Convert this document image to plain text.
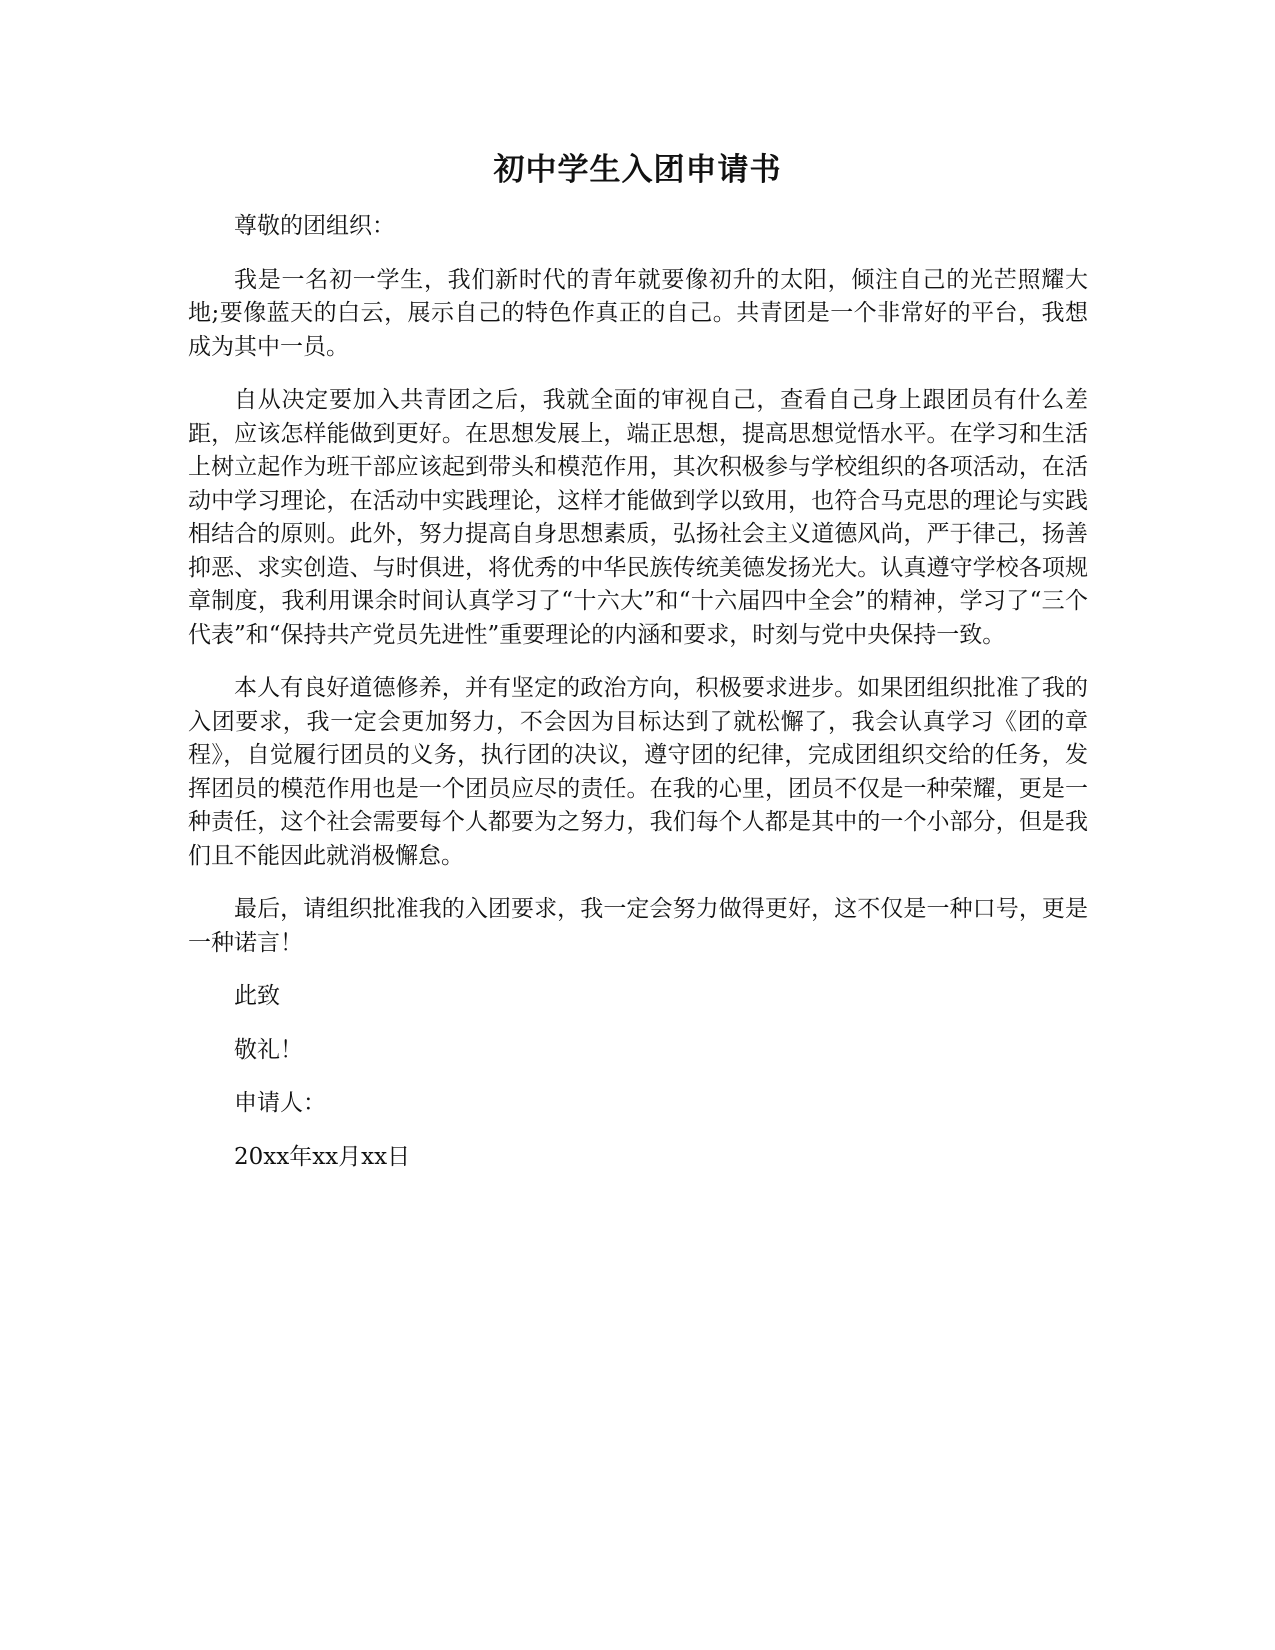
初中学生入团申请书

尊敬的团组织：

我是一名初一学生，我们新时代的青年就要像初升的太阳，倾注自己的光芒照耀大地;要像蓝天的白云，展示自己的特色作真正的自己。共青团是一个非常好的平台，我想成为其中一员。

自从决定要加入共青团之后，我就全面的审视自己，查看自己身上跟团员有什么差距，应该怎样能做到更好。在思想发展上，端正思想，提高思想觉悟水平。在学习和生活上树立起作为班干部应该起到带头和模范作用，其次积极参与学校组织的各项活动，在活动中学习理论，在活动中实践理论，这样才能做到学以致用，也符合马克思的理论与实践相结合的原则。此外，努力提高自身思想素质，弘扬社会主义道德风尚，严于律己，扬善抑恶、求实创造、与时俱进，将优秀的中华民族传统美德发扬光大。认真遵守学校各项规章制度，我利用课余时间认真学习了“十六大”和“十六届四中全会”的精神，学习了“三个代表”和“保持共产党员先进性”重要理论的内涵和要求，时刻与党中央保持一致。

本人有良好道德修养，并有坚定的政治方向，积极要求进步。如果团组织批准了我的入团要求，我一定会更加努力，不会因为目标达到了就松懈了，我会认真学习《团的章程》，自觉履行团员的义务，执行团的决议，遵守团的纪律，完成团组织交给的任务，发挥团员的模范作用也是一个团员应尽的责任。在我的心里，团员不仅是一种荣耀，更是一种责任，这个社会需要每个人都要为之努力，我们每个人都是其中的一个小部分，但是我们且不能因此就消极懈怠。

最后，请组织批准我的入团要求，我一定会努力做得更好，这不仅是一种口号，更是一种诺言！

此致

敬礼！

申请人：

20xx年xx月xx日
